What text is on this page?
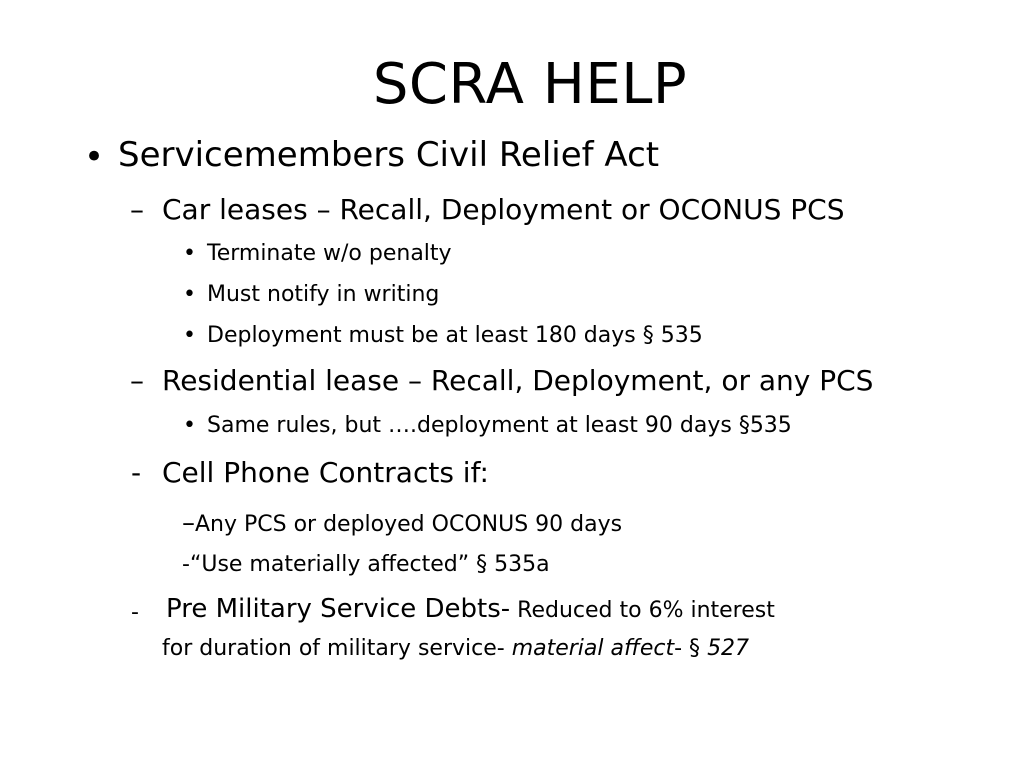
SCRA HELP
• Servicemembers Civil Relief Act
– Car leases – Recall, Deployment or OCONUS PCS
• Terminate w/o penalty
• Must notify in writing
• Deployment must be at least 180 days § 535
– Residential lease – Recall, Deployment, or any PCS
• Same rules, but ….deployment at least 90 days §535
- Cell Phone Contracts if:
–Any PCS or deployed OCONUS 90 days
-“Use materially affected” § 535a
- Pre Military Service Debts- Reduced to 6% interest
for duration of military service- material affect- § 527
